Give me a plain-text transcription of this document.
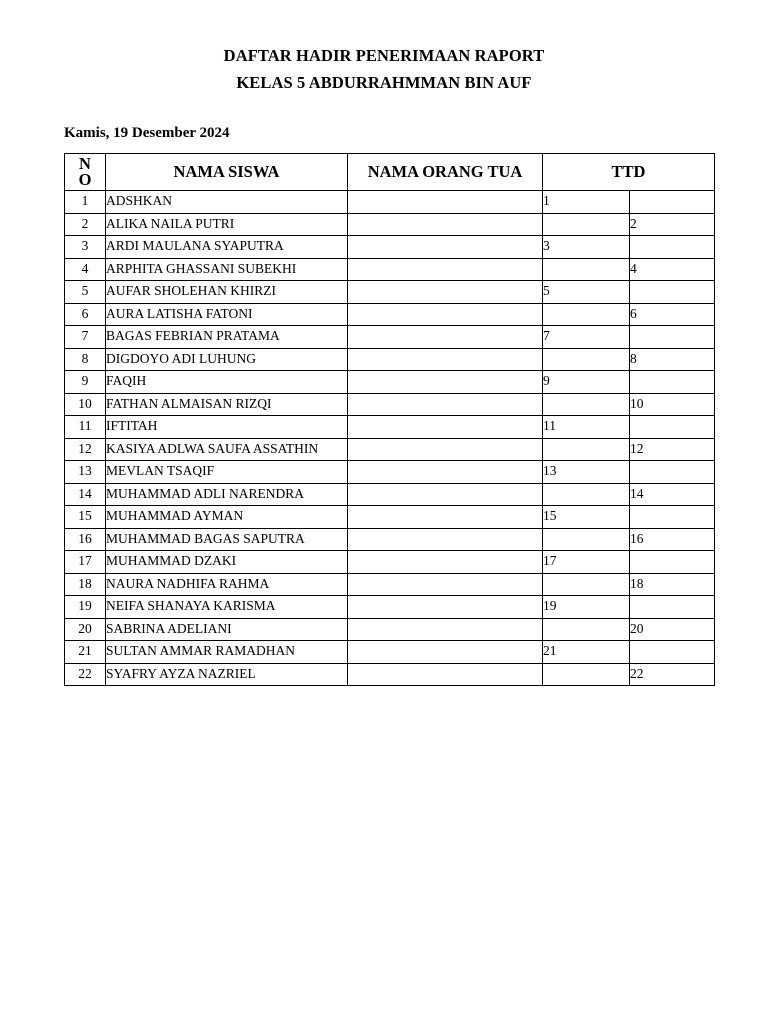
DAFTAR HADIR PENERIMAAN RAPORT
KELAS 5 ABDURRAHMMAN BIN AUF
Kamis, 19 Desember 2024
N
O	NAMA SISWA	NAMA ORANG TUA	TTD	
1	ADSHKAN		1	
2	ALIKA NAILA PUTRI			2
3	ARDI MAULANA SYAPUTRA		3	
4	ARPHITA GHASSANI SUBEKHI			4
5	AUFAR SHOLEHAN KHIRZI		5	
6	AURA LATISHA FATONI			6
7	BAGAS FEBRIAN PRATAMA		7	
8	DIGDOYO ADI LUHUNG			8
9	FAQIH		9	
10	FATHAN ALMAISAN RIZQI			10
11	IFTITAH		11	
12	KASIYA ADLWA SAUFA ASSATHIN			12
13	MEVLAN TSAQIF		13	
14	MUHAMMAD ADLI NARENDRA			14
15	MUHAMMAD AYMAN		15	
16	MUHAMMAD BAGAS SAPUTRA			16
17	MUHAMMAD DZAKI		17	
18	NAURA NADHIFA RAHMA			18
19	NEIFA SHANAYA KARISMA		19	
20	SABRINA ADELIANI			20
21	SULTAN AMMAR RAMADHAN		21	
22	SYAFRY AYZA NAZRIEL			22
